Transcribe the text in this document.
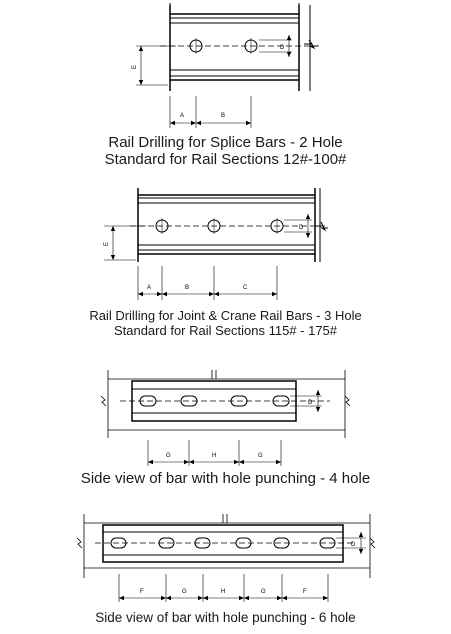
D
E
A	B
D
E
A	B	C
D
G	H	G
D
F	G	H	G	F
Rail Drilling for Splice Bars - 2 Hole
Standard for Rail Sections 12#-100#
Rail Drilling for Joint & Crane Rail Bars - 3 Hole
Standard for Rail Sections 115# - 175#
Side view of bar with hole punching - 4 hole
Side view of bar with hole punching - 6 hole
